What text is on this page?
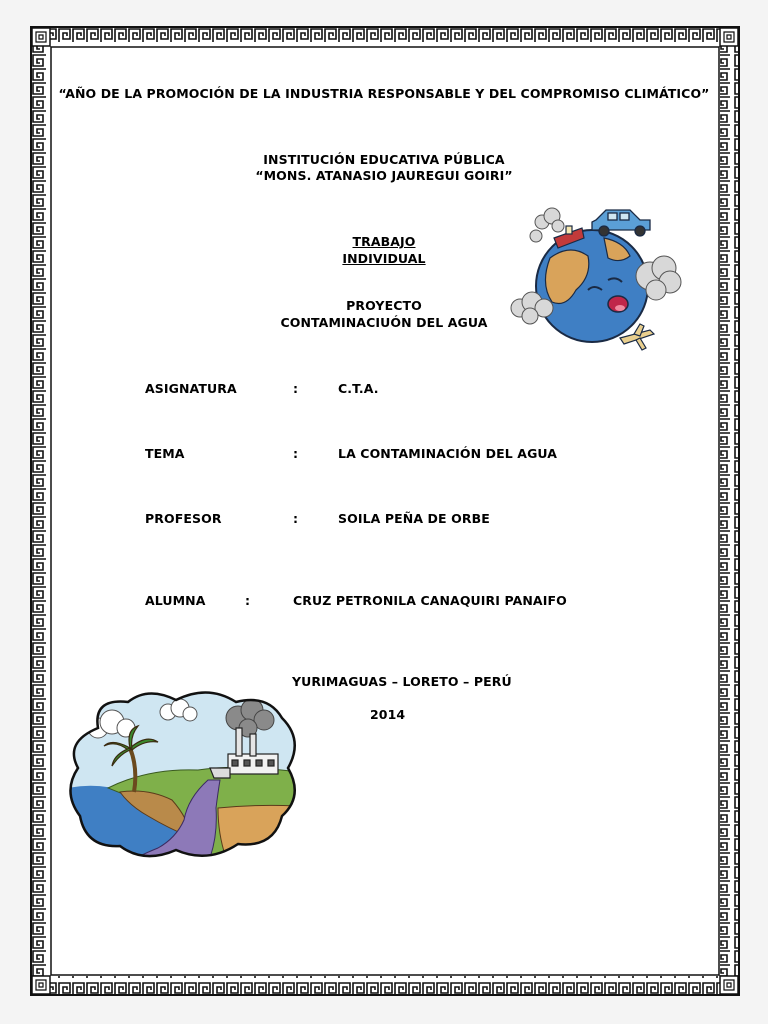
“AÑO DE LA PROMOCIÓN DE LA INDUSTRIA RESPONSABLE Y DEL COMPROMISO CLIMÁTICO”
INSTITUCIÓN EDUCATIVA PÚBLICA
“MONS. ATANASIO JAUREGUI GOIRI”
TRABAJO
INDIVIDUAL
PROYECTO
CONTAMINACIUÓN DEL AGUA
ASIGNATURA	:	C.T.A.
TEMA	:	LA CONTAMINACIÓN DEL AGUA
PROFESOR	:	SOILA PEÑA DE ORBE
ALUMNA	:	CRUZ PETRONILA CANAQUIRI PANAIFO
YURIMAGUAS – LORETO – PERÚ
2014
